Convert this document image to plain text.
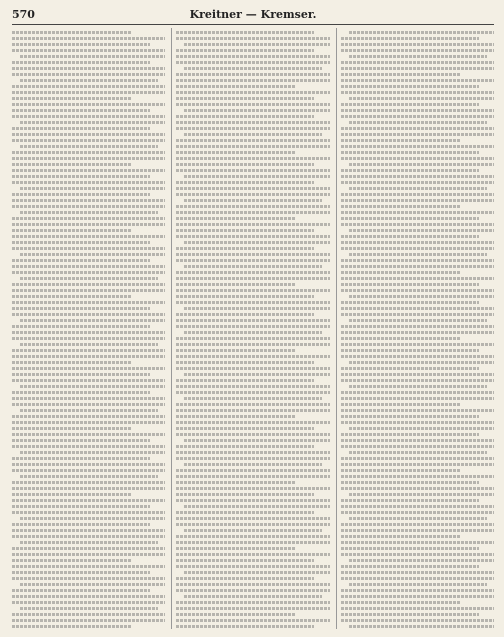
570	Kreitner — Kremser.
